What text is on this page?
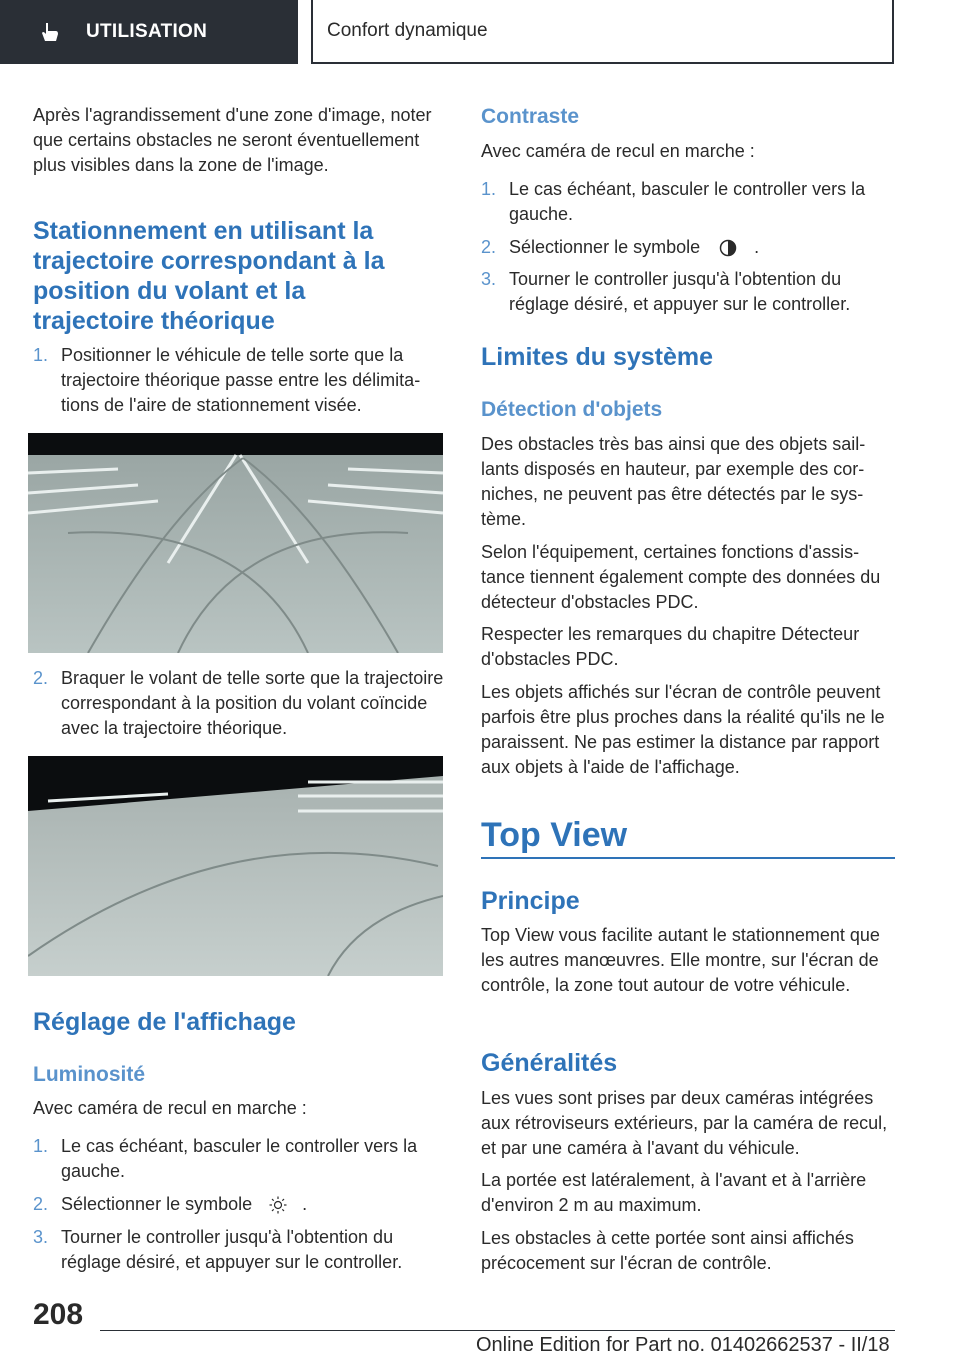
UTILISATION	Confort dynamique

Après l'agrandissement d'une zone d'image, noter que certains obstacles ne seront éventuellement plus visibles dans la zone de l'image.

Stationnement en utilisant la trajectoire correspondant à la position du volant et la trajectoire théorique
1. Positionner le véhicule de telle sorte que la trajectoire théorique passe entre les délimitations de l'aire de stationnement visée.
2. Braquer le volant de telle sorte que la trajectoire correspondant à la position du volant coïncide avec la trajectoire théorique.
Réglage de l'affichage
Luminosité

Avec caméra de recul en marche :

1. Le cas échéant, basculer le controller vers la gauche.
2. Sélectionner le symbole	.
3. Tourner le controller jusqu'à l'obtention du réglage désiré, et appuyer sur le controller.
Contraste

Avec caméra de recul en marche :

1. Le cas échéant, basculer le controller vers la gauche.
2. Sélectionner le symbole	.
3. Tourner le controller jusqu'à l'obtention du réglage désiré, et appuyer sur le controller.
Limites du système
Détection d'objets

Des obstacles très bas ainsi que des objets saillants disposés en hauteur, par exemple des corniches, ne peuvent pas être détectés par le système.

Selon l'équipement, certaines fonctions d'assistance tiennent également compte des données du détecteur d'obstacles PDC.

Respecter les remarques du chapitre Détecteur d'obstacles PDC.

Les objets affichés sur l'écran de contrôle peuvent parfois être plus proches dans la réalité qu'ils ne le paraissent. Ne pas estimer la distance par rapport aux objets à l'aide de l'affichage.

Top View
Principe

Top View vous facilite autant le stationnement que les autres manœuvres. Elle montre, sur l'écran de contrôle, la zone tout autour de votre véhicule.

Généralités

Les vues sont prises par deux caméras intégrées aux rétroviseurs extérieurs, par la caméra de recul, et par une caméra à l'avant du véhicule.

La portée est latéralement, à l'avant et à l'arrière d'environ 2 m au maximum.

Les obstacles à cette portée sont ainsi affichés précocement sur l'écran de contrôle.

208
Online Edition for Part no. 01402662537 - II/18
